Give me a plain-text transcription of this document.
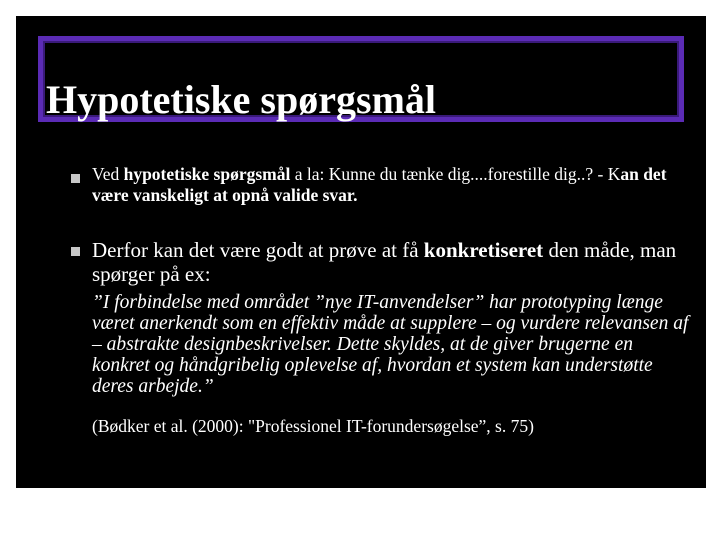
Hypotetiske spørgsmål
Ved hypotetiske spørgsmål a la: Kunne du tænke dig....forestille dig..? - Kan det være vanskeligt at opnå valide svar.
Derfor kan det være godt at prøve at få konkretiseret den måde, man spørger på ex:
”I forbindelse med området ”nye IT-anvendelser” har prototyping længe været anerkendt som en effektiv måde at supplere – og vurdere relevansen af – abstrakte designbeskrivelser. Dette skyldes, at de giver brugerne en konkret og håndgribelig oplevelse af, hvordan et system kan understøtte deres arbejde.”
(Bødker et al. (2000): "Professionel IT-forundersøgelse”, s. 75)
